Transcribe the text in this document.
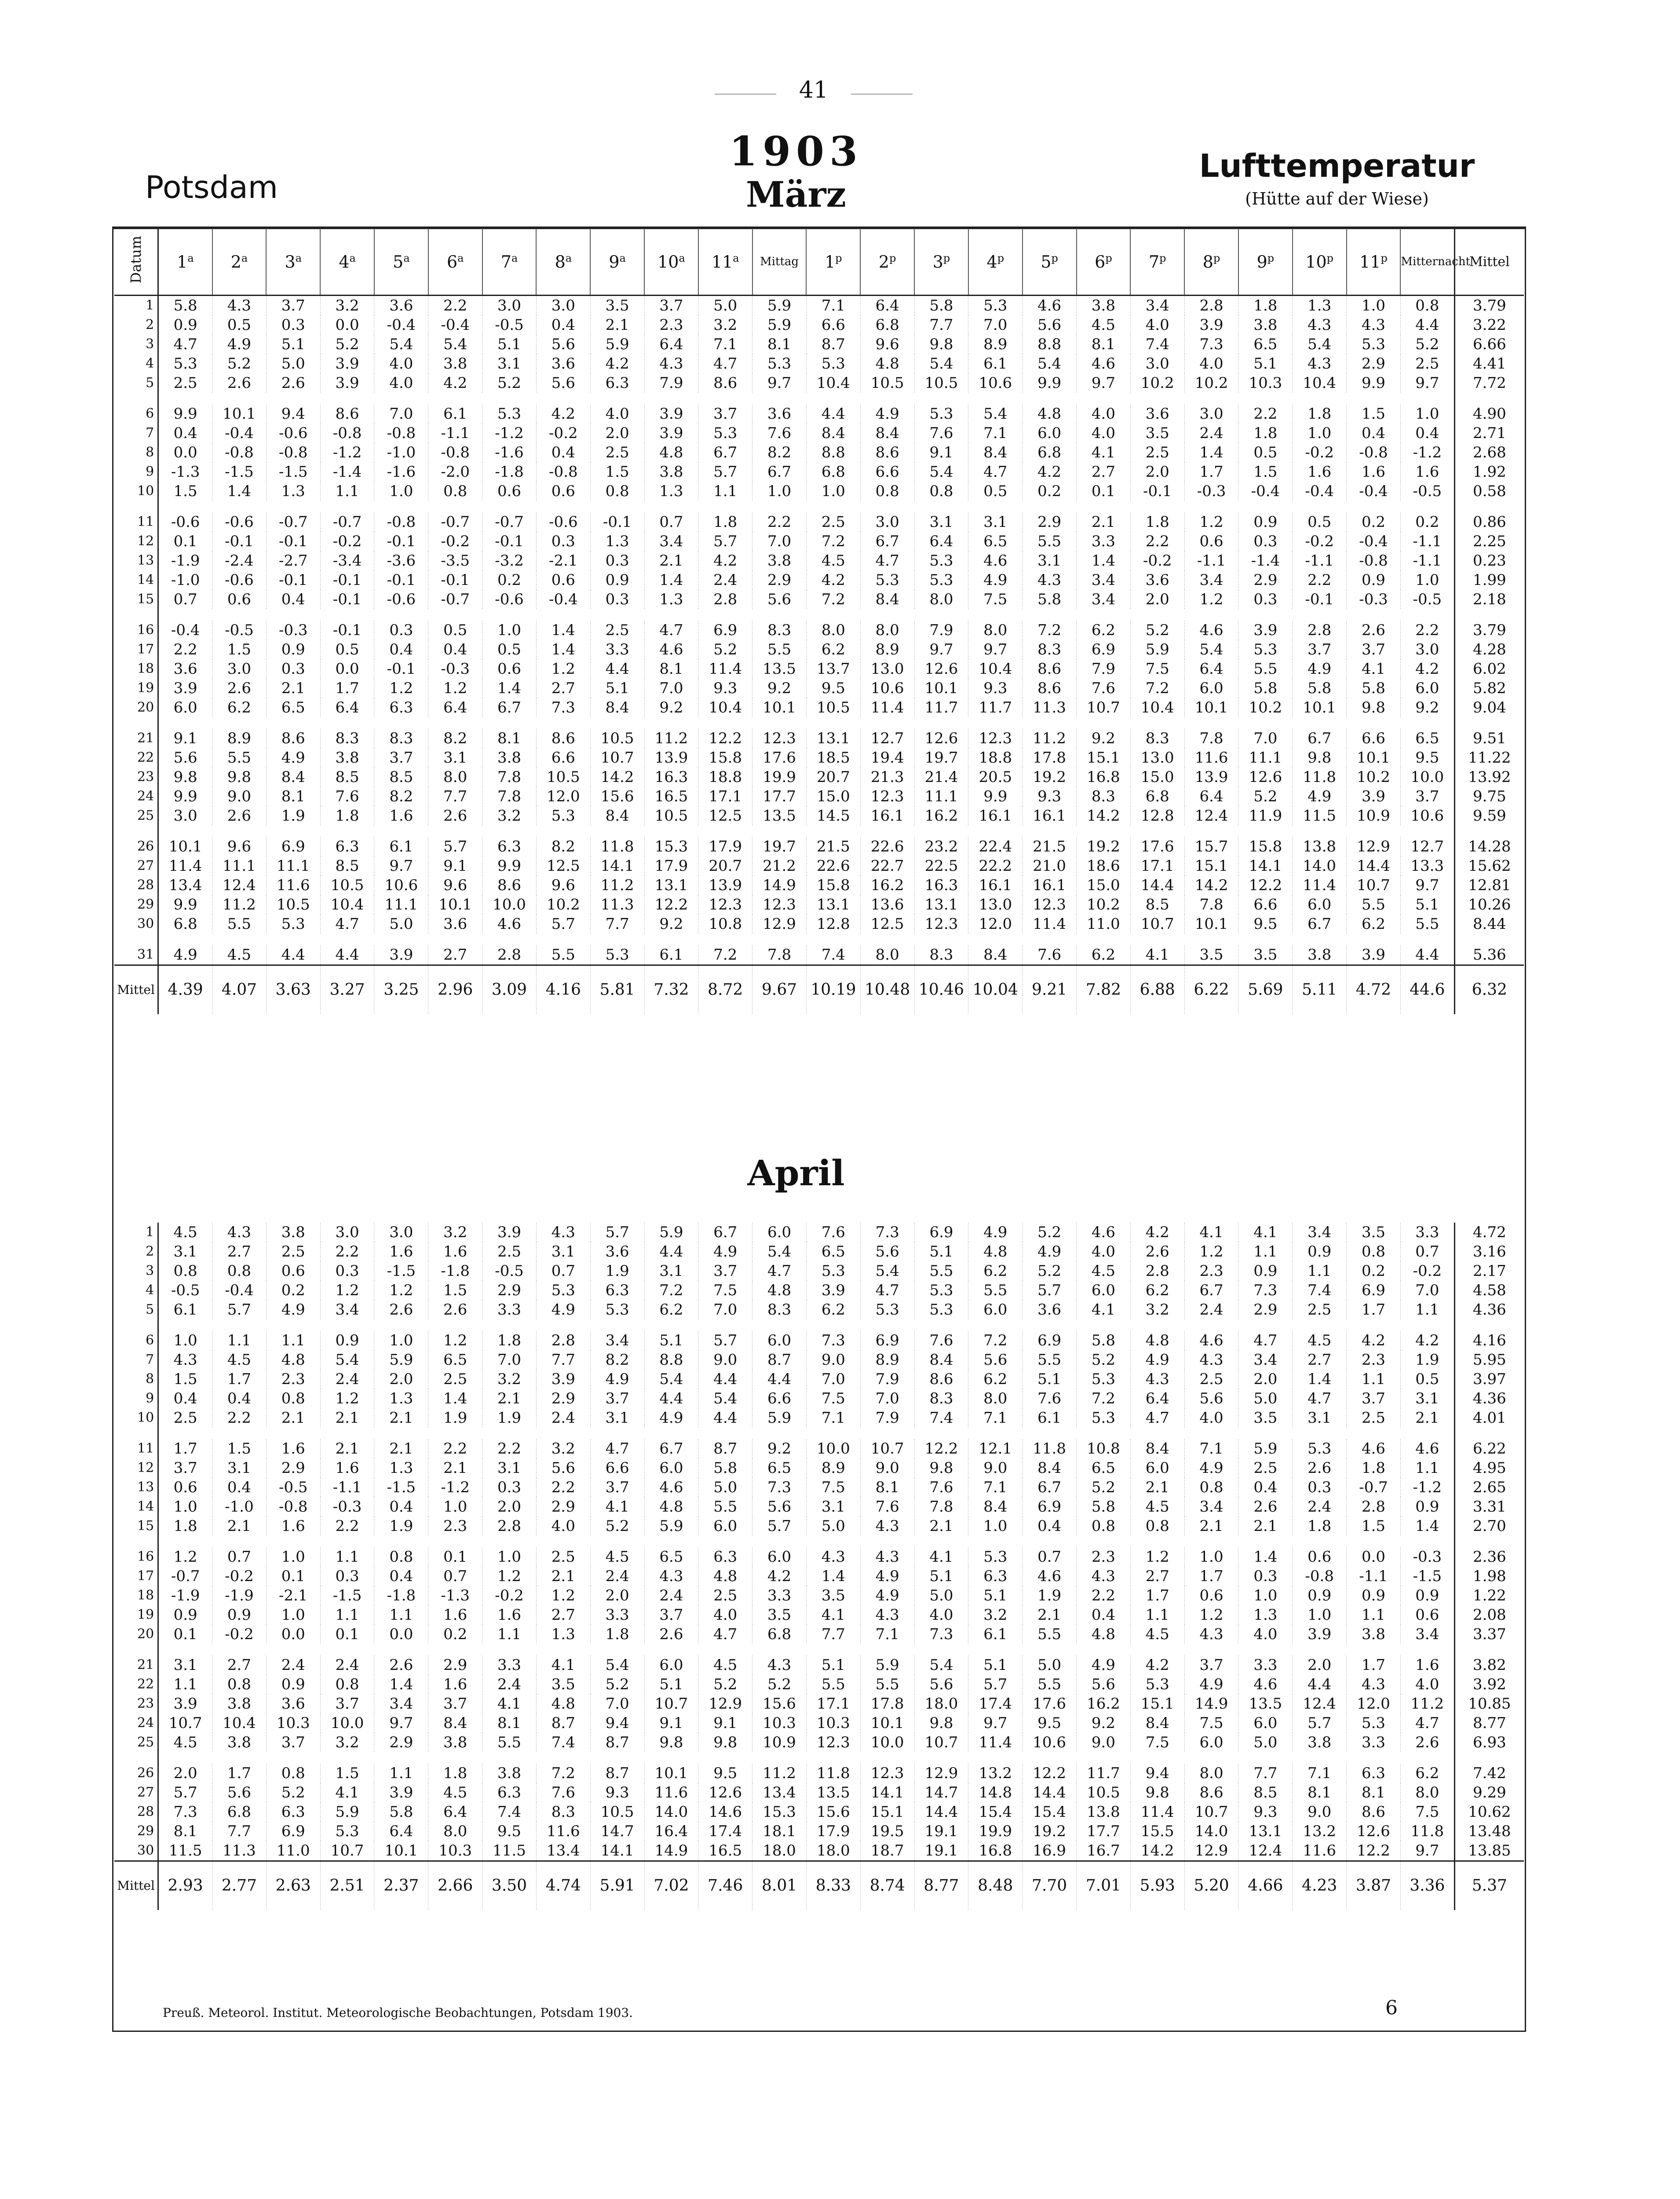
41
1903
Potsdam	März
Lufttemperatur
(Hütte auf der Wiese)
April
Datum	1$^a$	2$^a$	3$^a$	4$^a$	5$^a$	6$^a$	7$^a$	8$^a$	9$^a$	10$^a$	11$^a$	Mittag	1$^p$	2$^p$	3$^p$	4$^p$	5$^p$	6$^p$	7$^p$	8$^p$	9$^p$	10$^p$	11$^p$	Mitternacht	Mittel
1	5.8	4.3	3.7	3.2	3.6	2.2	3.0	3.0	3.5	3.7	5.0	5.9	7.1	6.4	5.8	5.3	4.6	3.8	3.4	2.8	1.8	1.3	1.0	0.8	3.79
2	0.9	0.5	0.3	0.0	-0.4	-0.4	-0.5	0.4	2.1	2.3	3.2	5.9	6.6	6.8	7.7	7.0	5.6	4.5	4.0	3.9	3.8	4.3	4.3	4.4	3.22
3	4.7	4.9	5.1	5.2	5.4	5.4	5.1	5.6	5.9	6.4	7.1	8.1	8.7	9.6	9.8	8.9	8.8	8.1	7.4	7.3	6.5	5.4	5.3	5.2	6.66
4	5.3	5.2	5.0	3.9	4.0	3.8	3.1	3.6	4.2	4.3	4.7	5.3	5.3	4.8	5.4	6.1	5.4	4.6	3.0	4.0	5.1	4.3	2.9	2.5	4.41
5	2.5	2.6	2.6	3.9	4.0	4.2	5.2	5.6	6.3	7.9	8.6	9.7	10.4	10.5	10.5	10.6	9.9	9.7	10.2	10.2	10.3	10.4	9.9	9.7	7.72

6	9.9	10.1	9.4	8.6	7.0	6.1	5.3	4.2	4.0	3.9	3.7	3.6	4.4	4.9	5.3	5.4	4.8	4.0	3.6	3.0	2.2	1.8	1.5	1.0	4.90
7	0.4	-0.4	-0.6	-0.8	-0.8	-1.1	-1.2	-0.2	2.0	3.9	5.3	7.6	8.4	8.4	7.6	7.1	6.0	4.0	3.5	2.4	1.8	1.0	0.4	0.4	2.71
8	0.0	-0.8	-0.8	-1.2	-1.0	-0.8	-1.6	0.4	2.5	4.8	6.7	8.2	8.8	8.6	9.1	8.4	6.8	4.1	2.5	1.4	0.5	-0.2	-0.8	-1.2	2.68
9	-1.3	-1.5	-1.5	-1.4	-1.6	-2.0	-1.8	-0.8	1.5	3.8	5.7	6.7	6.8	6.6	5.4	4.7	4.2	2.7	2.0	1.7	1.5	1.6	1.6	1.6	1.92
10	1.5	1.4	1.3	1.1	1.0	0.8	0.6	0.6	0.8	1.3	1.1	1.0	1.0	0.8	0.8	0.5	0.2	0.1	-0.1	-0.3	-0.4	-0.4	-0.4	-0.5	0.58

11	-0.6	-0.6	-0.7	-0.7	-0.8	-0.7	-0.7	-0.6	-0.1	0.7	1.8	2.2	2.5	3.0	3.1	3.1	2.9	2.1	1.8	1.2	0.9	0.5	0.2	0.2	0.86
12	0.1	-0.1	-0.1	-0.2	-0.1	-0.2	-0.1	0.3	1.3	3.4	5.7	7.0	7.2	6.7	6.4	6.5	5.5	3.3	2.2	0.6	0.3	-0.2	-0.4	-1.1	2.25
13	-1.9	-2.4	-2.7	-3.4	-3.6	-3.5	-3.2	-2.1	0.3	2.1	4.2	3.8	4.5	4.7	5.3	4.6	3.1	1.4	-0.2	-1.1	-1.4	-1.1	-0.8	-1.1	0.23
14	-1.0	-0.6	-0.1	-0.1	-0.1	-0.1	0.2	0.6	0.9	1.4	2.4	2.9	4.2	5.3	5.3	4.9	4.3	3.4	3.6	3.4	2.9	2.2	0.9	1.0	1.99
15	0.7	0.6	0.4	-0.1	-0.6	-0.7	-0.6	-0.4	0.3	1.3	2.8	5.6	7.2	8.4	8.0	7.5	5.8	3.4	2.0	1.2	0.3	-0.1	-0.3	-0.5	2.18

16	-0.4	-0.5	-0.3	-0.1	0.3	0.5	1.0	1.4	2.5	4.7	6.9	8.3	8.0	8.0	7.9	8.0	7.2	6.2	5.2	4.6	3.9	2.8	2.6	2.2	3.79
17	2.2	1.5	0.9	0.5	0.4	0.4	0.5	1.4	3.3	4.6	5.2	5.5	6.2	8.9	9.7	9.7	8.3	6.9	5.9	5.4	5.3	3.7	3.7	3.0	4.28
18	3.6	3.0	0.3	0.0	-0.1	-0.3	0.6	1.2	4.4	8.1	11.4	13.5	13.7	13.0	12.6	10.4	8.6	7.9	7.5	6.4	5.5	4.9	4.1	4.2	6.02
19	3.9	2.6	2.1	1.7	1.2	1.2	1.4	2.7	5.1	7.0	9.3	9.2	9.5	10.6	10.1	9.3	8.6	7.6	7.2	6.0	5.8	5.8	5.8	6.0	5.82
20	6.0	6.2	6.5	6.4	6.3	6.4	6.7	7.3	8.4	9.2	10.4	10.1	10.5	11.4	11.7	11.7	11.3	10.7	10.4	10.1	10.2	10.1	9.8	9.2	9.04

21	9.1	8.9	8.6	8.3	8.3	8.2	8.1	8.6	10.5	11.2	12.2	12.3	13.1	12.7	12.6	12.3	11.2	9.2	8.3	7.8	7.0	6.7	6.6	6.5	9.51
22	5.6	5.5	4.9	3.8	3.7	3.1	3.8	6.6	10.7	13.9	15.8	17.6	18.5	19.4	19.7	18.8	17.8	15.1	13.0	11.6	11.1	9.8	10.1	9.5	11.22
23	9.8	9.8	8.4	8.5	8.5	8.0	7.8	10.5	14.2	16.3	18.8	19.9	20.7	21.3	21.4	20.5	19.2	16.8	15.0	13.9	12.6	11.8	10.2	10.0	13.92
24	9.9	9.0	8.1	7.6	8.2	7.7	7.8	12.0	15.6	16.5	17.1	17.7	15.0	12.3	11.1	9.9	9.3	8.3	6.8	6.4	5.2	4.9	3.9	3.7	9.75
25	3.0	2.6	1.9	1.8	1.6	2.6	3.2	5.3	8.4	10.5	12.5	13.5	14.5	16.1	16.2	16.1	16.1	14.2	12.8	12.4	11.9	11.5	10.9	10.6	9.59

26	10.1	9.6	6.9	6.3	6.1	5.7	6.3	8.2	11.8	15.3	17.9	19.7	21.5	22.6	23.2	22.4	21.5	19.2	17.6	15.7	15.8	13.8	12.9	12.7	14.28
27	11.4	11.1	11.1	8.5	9.7	9.1	9.9	12.5	14.1	17.9	20.7	21.2	22.6	22.7	22.5	22.2	21.0	18.6	17.1	15.1	14.1	14.0	14.4	13.3	15.62
28	13.4	12.4	11.6	10.5	10.6	9.6	8.6	9.6	11.2	13.1	13.9	14.9	15.8	16.2	16.3	16.1	16.1	15.0	14.4	14.2	12.2	11.4	10.7	9.7	12.81
29	9.9	11.2	10.5	10.4	11.1	10.1	10.0	10.2	11.3	12.2	12.3	12.3	13.1	13.6	13.1	13.0	12.3	10.2	8.5	7.8	6.6	6.0	5.5	5.1	10.26
30	6.8	5.5	5.3	4.7	5.0	3.6	4.6	5.7	7.7	9.2	10.8	12.9	12.8	12.5	12.3	12.0	11.4	11.0	10.7	10.1	9.5	6.7	6.2	5.5	8.44

31	4.9	4.5	4.4	4.4	3.9	2.7	2.8	5.5	5.3	6.1	7.2	7.8	7.4	8.0	8.3	8.4	7.6	6.2	4.1	3.5	3.5	3.8	3.9	4.4	5.36
Mittel	4.39	4.07	3.63	3.27	3.25	2.96	3.09	4.16	5.81	7.32	8.72	9.67	10.19	10.48	10.46	10.04	9.21	7.82	6.88	6.22	5.69	5.11	4.72	44.6	6.32
1	4.5	4.3	3.8	3.0	3.0	3.2	3.9	4.3	5.7	5.9	6.7	6.0	7.6	7.3	6.9	4.9	5.2	4.6	4.2	4.1	4.1	3.4	3.5	3.3	4.72
2	3.1	2.7	2.5	2.2	1.6	1.6	2.5	3.1	3.6	4.4	4.9	5.4	6.5	5.6	5.1	4.8	4.9	4.0	2.6	1.2	1.1	0.9	0.8	0.7	3.16
3	0.8	0.8	0.6	0.3	-1.5	-1.8	-0.5	0.7	1.9	3.1	3.7	4.7	5.3	5.4	5.5	6.2	5.2	4.5	2.8	2.3	0.9	1.1	0.2	-0.2	2.17
4	-0.5	-0.4	0.2	1.2	1.2	1.5	2.9	5.3	6.3	7.2	7.5	4.8	3.9	4.7	5.3	5.5	5.7	6.0	6.2	6.7	7.3	7.4	6.9	7.0	4.58
5	6.1	5.7	4.9	3.4	2.6	2.6	3.3	4.9	5.3	6.2	7.0	8.3	6.2	5.3	5.3	6.0	3.6	4.1	3.2	2.4	2.9	2.5	1.7	1.1	4.36

6	1.0	1.1	1.1	0.9	1.0	1.2	1.8	2.8	3.4	5.1	5.7	6.0	7.3	6.9	7.6	7.2	6.9	5.8	4.8	4.6	4.7	4.5	4.2	4.2	4.16
7	4.3	4.5	4.8	5.4	5.9	6.5	7.0	7.7	8.2	8.8	9.0	8.7	9.0	8.9	8.4	5.6	5.5	5.2	4.9	4.3	3.4	2.7	2.3	1.9	5.95
8	1.5	1.7	2.3	2.4	2.0	2.5	3.2	3.9	4.9	5.4	4.4	4.4	7.0	7.9	8.6	6.2	5.1	5.3	4.3	2.5	2.0	1.4	1.1	0.5	3.97
9	0.4	0.4	0.8	1.2	1.3	1.4	2.1	2.9	3.7	4.4	5.4	6.6	7.5	7.0	8.3	8.0	7.6	7.2	6.4	5.6	5.0	4.7	3.7	3.1	4.36
10	2.5	2.2	2.1	2.1	2.1	1.9	1.9	2.4	3.1	4.9	4.4	5.9	7.1	7.9	7.4	7.1	6.1	5.3	4.7	4.0	3.5	3.1	2.5	2.1	4.01

11	1.7	1.5	1.6	2.1	2.1	2.2	2.2	3.2	4.7	6.7	8.7	9.2	10.0	10.7	12.2	12.1	11.8	10.8	8.4	7.1	5.9	5.3	4.6	4.6	6.22
12	3.7	3.1	2.9	1.6	1.3	2.1	3.1	5.6	6.6	6.0	5.8	6.5	8.9	9.0	9.8	9.0	8.4	6.5	6.0	4.9	2.5	2.6	1.8	1.1	4.95
13	0.6	0.4	-0.5	-1.1	-1.5	-1.2	0.3	2.2	3.7	4.6	5.0	7.3	7.5	8.1	7.6	7.1	6.7	5.2	2.1	0.8	0.4	0.3	-0.7	-1.2	2.65
14	1.0	-1.0	-0.8	-0.3	0.4	1.0	2.0	2.9	4.1	4.8	5.5	5.6	3.1	7.6	7.8	8.4	6.9	5.8	4.5	3.4	2.6	2.4	2.8	0.9	3.31
15	1.8	2.1	1.6	2.2	1.9	2.3	2.8	4.0	5.2	5.9	6.0	5.7	5.0	4.3	2.1	1.0	0.4	0.8	0.8	2.1	2.1	1.8	1.5	1.4	2.70

16	1.2	0.7	1.0	1.1	0.8	0.1	1.0	2.5	4.5	6.5	6.3	6.0	4.3	4.3	4.1	5.3	0.7	2.3	1.2	1.0	1.4	0.6	0.0	-0.3	2.36
17	-0.7	-0.2	0.1	0.3	0.4	0.7	1.2	2.1	2.4	4.3	4.8	4.2	1.4	4.9	5.1	6.3	4.6	4.3	2.7	1.7	0.3	-0.8	-1.1	-1.5	1.98
18	-1.9	-1.9	-2.1	-1.5	-1.8	-1.3	-0.2	1.2	2.0	2.4	2.5	3.3	3.5	4.9	5.0	5.1	1.9	2.2	1.7	0.6	1.0	0.9	0.9	0.9	1.22
19	0.9	0.9	1.0	1.1	1.1	1.6	1.6	2.7	3.3	3.7	4.0	3.5	4.1	4.3	4.0	3.2	2.1	0.4	1.1	1.2	1.3	1.0	1.1	0.6	2.08
20	0.1	-0.2	0.0	0.1	0.0	0.2	1.1	1.3	1.8	2.6	4.7	6.8	7.7	7.1	7.3	6.1	5.5	4.8	4.5	4.3	4.0	3.9	3.8	3.4	3.37

21	3.1	2.7	2.4	2.4	2.6	2.9	3.3	4.1	5.4	6.0	4.5	4.3	5.1	5.9	5.4	5.1	5.0	4.9	4.2	3.7	3.3	2.0	1.7	1.6	3.82
22	1.1	0.8	0.9	0.8	1.4	1.6	2.4	3.5	5.2	5.1	5.2	5.2	5.5	5.5	5.6	5.7	5.5	5.6	5.3	4.9	4.6	4.4	4.3	4.0	3.92
23	3.9	3.8	3.6	3.7	3.4	3.7	4.1	4.8	7.0	10.7	12.9	15.6	17.1	17.8	18.0	17.4	17.6	16.2	15.1	14.9	13.5	12.4	12.0	11.2	10.85
24	10.7	10.4	10.3	10.0	9.7	8.4	8.1	8.7	9.4	9.1	9.1	10.3	10.3	10.1	9.8	9.7	9.5	9.2	8.4	7.5	6.0	5.7	5.3	4.7	8.77
25	4.5	3.8	3.7	3.2	2.9	3.8	5.5	7.4	8.7	9.8	9.8	10.9	12.3	10.0	10.7	11.4	10.6	9.0	7.5	6.0	5.0	3.8	3.3	2.6	6.93

26	2.0	1.7	0.8	1.5	1.1	1.8	3.8	7.2	8.7	10.1	9.5	11.2	11.8	12.3	12.9	13.2	12.2	11.7	9.4	8.0	7.7	7.1	6.3	6.2	7.42
27	5.7	5.6	5.2	4.1	3.9	4.5	6.3	7.6	9.3	11.6	12.6	13.4	13.5	14.1	14.7	14.8	14.4	10.5	9.8	8.6	8.5	8.1	8.1	8.0	9.29
28	7.3	6.8	6.3	5.9	5.8	6.4	7.4	8.3	10.5	14.0	14.6	15.3	15.6	15.1	14.4	15.4	15.4	13.8	11.4	10.7	9.3	9.0	8.6	7.5	10.62
29	8.1	7.7	6.9	5.3	6.4	8.0	9.5	11.6	14.7	16.4	17.4	18.1	17.9	19.5	19.1	19.9	19.2	17.7	15.5	14.0	13.1	13.2	12.6	11.8	13.48
30	11.5	11.3	11.0	10.7	10.1	10.3	11.5	13.4	14.1	14.9	16.5	18.0	18.0	18.7	19.1	16.8	16.9	16.7	14.2	12.9	12.4	11.6	12.2	9.7	13.85
Mittel	2.93	2.77	2.63	2.51	2.37	2.66	3.50	4.74	5.91	7.02	7.46	8.01	8.33	8.74	8.77	8.48	7.70	7.01	5.93	5.20	4.66	4.23	3.87	3.36	5.37
Preuß. Meteorol. Institut. Meteorologische Beobachtungen, Potsdam 1903.	6
